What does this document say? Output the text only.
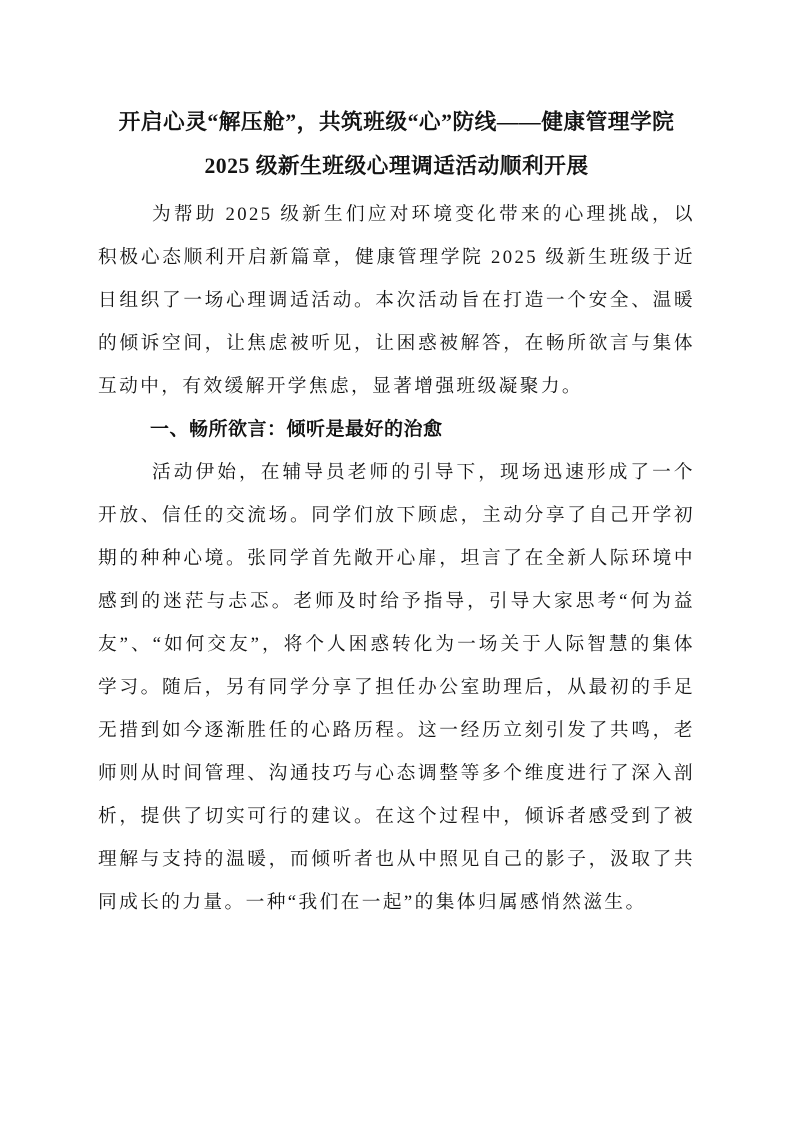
开启心灵“解压舱”，共筑班级“心”防线——健康管理学院
2025 级新生班级心理调适活动顺利开展

为帮助 2025 级新生们应对环境变化带来的心理挑战，以积极心态顺利开启新篇章，健康管理学院 2025 级新生班级于近日组织了一场心理调适活动。本次活动旨在打造一个安全、温暖的倾诉空间，让焦虑被听见，让困惑被解答，在畅所欲言与集体互动中，有效缓解开学焦虑，显著增强班级凝聚力。

一、畅所欲言：倾听是最好的治愈

活动伊始，在辅导员老师的引导下，现场迅速形成了一个开放、信任的交流场。同学们放下顾虑，主动分享了自己开学初期的种种心境。张同学首先敞开心扉，坦言了在全新人际环境中感到的迷茫与忐忑。老师及时给予指导，引导大家思考“何为益友”、“如何交友”，将个人困惑转化为一场关于人际智慧的集体学习。随后，另有同学分享了担任办公室助理后，从最初的手足无措到如今逐渐胜任的心路历程。这一经历立刻引发了共鸣，老师则从时间管理、沟通技巧与心态调整等多个维度进行了深入剖析，提供了切实可行的建议。在这个过程中，倾诉者感受到了被理解与支持的温暖，而倾听者也从中照见自己的影子，汲取了共同成长的力量。一种“我们在一起”的集体归属感悄然滋生。
